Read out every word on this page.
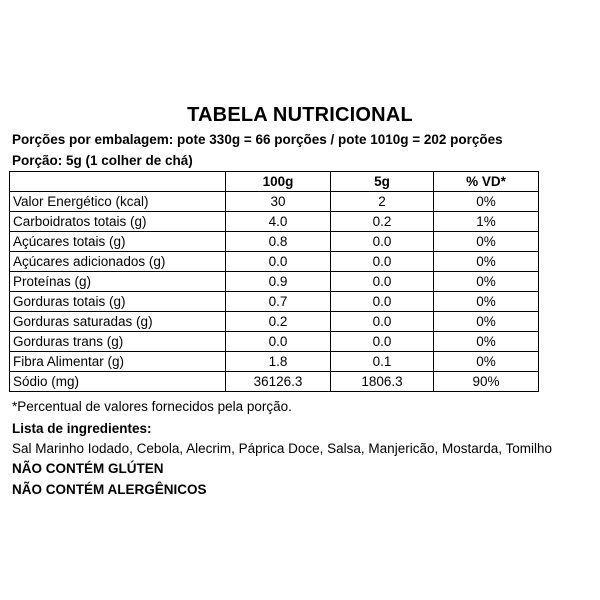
TABELA NUTRICIONAL
Porções por embalagem: pote 330g = 66 porções / pote 1010g = 202 porções
Porção: 5g (1 colher de chá)
	100g	5g	% VD*
Valor Energético (kcal)	30	2	0%
Carboidratos totais (g)	4.0	0.2	1%
Açúcares totais (g)	0.8	0.0	0%
Açúcares adicionados (g)	0.0	0.0	0%
Proteínas (g)	0.9	0.0	0%
Gorduras totais (g)	0.7	0.0	0%
Gorduras saturadas (g)	0.2	0.0	0%
Gorduras trans (g)	0.0	0.0	0%
Fibra Alimentar (g)	1.8	0.1	0%
Sódio (mg)	36126.3	1806.3	90%
*Percentual de valores fornecidos pela porção.
Lista de ingredientes:
Sal Marinho Iodado, Cebola, Alecrim, Páprica Doce, Salsa, Manjericão, Mostarda, Tomilho
NÃO CONTÉM GLÚTEN
NÃO CONTÉM ALERGÊNICOS
